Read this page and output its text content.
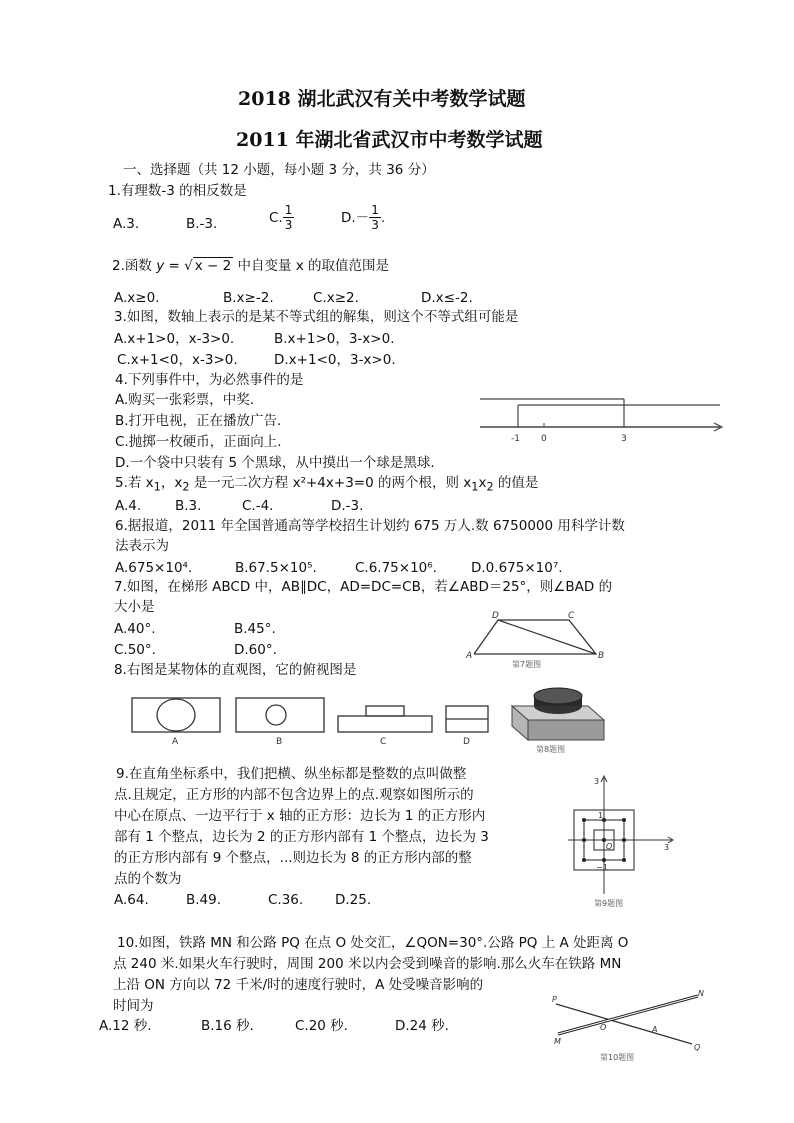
2018 湖北武汉有关中考数学试题
2011 年湖北省武汉市中考数学试题
一、选择题（共 12 小题，每小题 3 分，共 36 分）
1.有理数-3 的相反数是
A.3.	B.-3.	C. $\frac{1}{3}$	$D.- \frac{1}{3}$ .
2.函数 y = √ x − 2 中自变量 x 的取值范围是
A.x≥0.	B.x≥-2.	C.x≥2.	D.x≤-2.
3.如图，数轴上表示的是某不等式组的解集，则这个不等式组可能是
A.x+1>0，x-3>0.	B.x+1>0，3-x>0.
C.x+1<0，x-3>0.	D.x+1<0，3-x>0.
4.下列事件中，为必然事件的是
A.购买一张彩票，中奖.
B.打开电视，正在播放广告.
C.抛掷一枚硬币，正面向上.
D.一个袋中只装有 5 个黑球，从中摸出一个球是黑球.
-1 0	3
5.若 $x_1$，$x_2$ 是一元二次方程 x²+4x+3=0 的两个根，则 $x_1x_2$ 的值是
A.4.	B.3.	C.-4.	D.-3.
6.据报道，2011 年全国普通高等学校招生计划约 675 万人.数 6750000 用科学计数
法表示为
A.675×10⁴.	B.67.5×10⁵.	C.6.75×10⁶.	D.0.675×10⁷.
7.如图，在梯形 ABCD 中，AB∥DC，AD=DC=CB，若∠ABD＝25°，则∠BAD 的
大小是
A.40°.	B.45°.
C.50°.	D.60°.	A	B
C
D
第7题图
8.右图是某物体的直观图，它的俯视图是
A	B	C	D
第8题图
9.在直角坐标系中，我们把横、纵坐标都是整数的点叫做整
点.且规定，正方形的内部不包含边界上的点.观察如图所示的
中心在原点、一边平行于 x 轴的正方形：边长为 1 的正方形内
部有 1 个整点，边长为 2 的正方形内部有 1 个整点，边长为 3
的正方形内部有 9 个整点，...则边长为 8 的正方形内部的整
点的个数为
A.64.	B.49.	C.36. D.25.
3
1
−1
O	3
第9题图
10.如图，铁路 MN 和公路 PQ 在点 O 处交汇，∠QON=30°.公路 PQ 上 A 处距离 O
点 240 米.如果火车行驶时，周围 200 米以内会受到噪音的影响.那么火车在铁路 MN
上沿 ON 方向以 72 千米/时的速度行驶时，A 处受噪音影响的
时间为
A.12 秒.	B.16 秒.	C.20 秒.	D.24 秒.
P
N
O	A
M
Q
第10题图
